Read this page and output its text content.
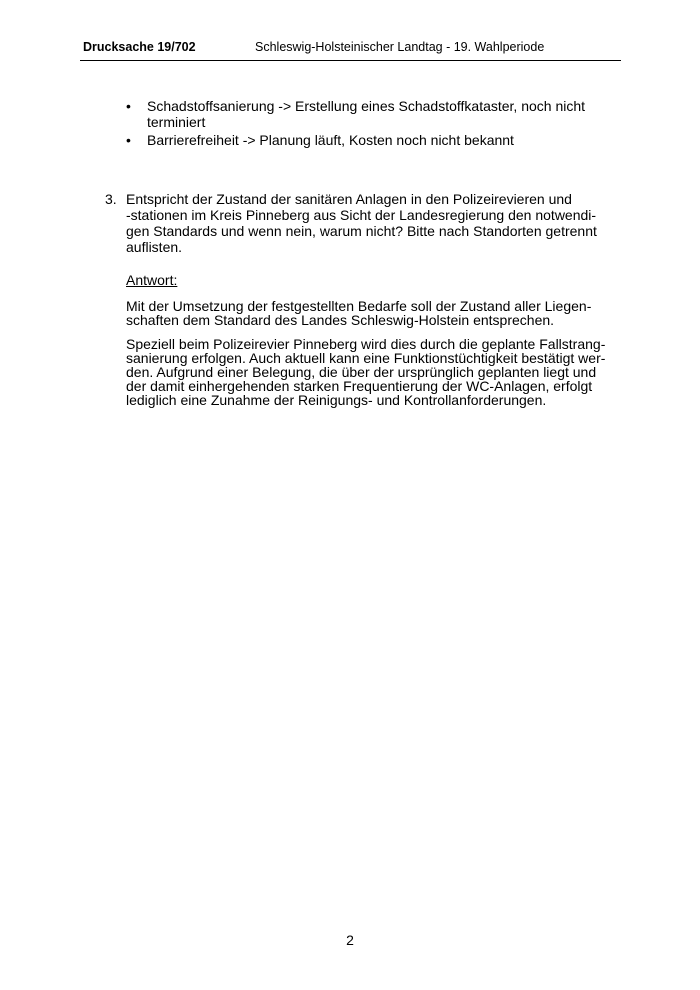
Drucksache 19/702	Schleswig-Holsteinischer Landtag - 19. Wahlperiode
• Schadstoffsanierung -> Erstellung eines Schadstoffkataster, noch nicht terminiert
• Barrierefreiheit -> Planung läuft, Kosten noch nicht bekannt
3. Entspricht der Zustand der sanitären Anlagen in den Polizeirevieren und
-stationen im Kreis Pinneberg aus Sicht der Landesregierung den notwendi-
gen Standards und wenn nein, warum nicht? Bitte nach Standorten getrennt
auflisten.
Antwort:
Mit der Umsetzung der festgestellten Bedarfe soll der Zustand aller Liegen-
schaften dem Standard des Landes Schleswig-Holstein entsprechen.
Speziell beim Polizeirevier Pinneberg wird dies durch die geplante Fallstrang-
sanierung erfolgen. Auch aktuell kann eine Funktionstüchtigkeit bestätigt wer-
den. Aufgrund einer Belegung, die über der ursprünglich geplanten liegt und
der damit einhergehenden starken Frequentierung der WC-Anlagen, erfolgt
lediglich eine Zunahme der Reinigungs- und Kontrollanforderungen.
2
